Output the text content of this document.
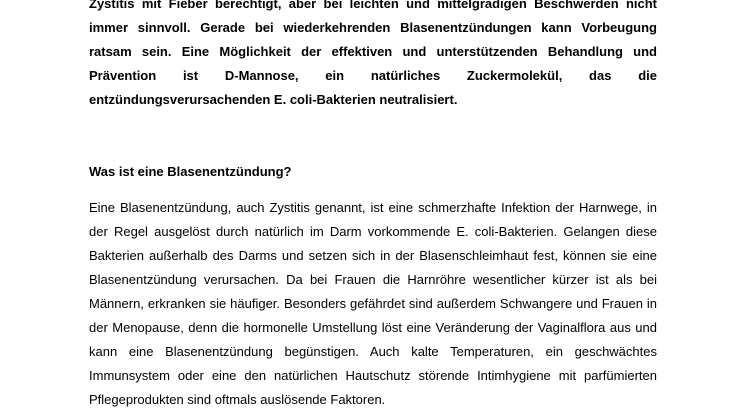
Zystitis mit Fieber berechtigt, aber bei leichten und mittelgradigen Beschwerden nicht immer sinnvoll. Gerade bei wiederkehrenden Blasenentzündungen kann Vorbeugung ratsam sein. Eine Möglichkeit der effektiven und unterstützenden Behandlung und Prävention ist D-Mannose, ein natürliches Zuckermolekül, das die entzündungsverursachenden E. coli-Bakterien neutralisiert.

Was ist eine Blasenentzündung?

Eine Blasenentzündung, auch Zystitis genannt, ist eine schmerzhafte Infektion der Harnwege, in der Regel ausgelöst durch natürlich im Darm vorkommende E. coli-Bakterien. Gelangen diese Bakterien außerhalb des Darms und setzen sich in der Blasenschleimhaut fest, können sie eine Blasenentzündung verursachen. Da bei Frauen die Harnröhre wesentlicher kürzer ist als bei Männern, erkranken sie häufiger. Besonders gefährdet sind außerdem Schwangere und Frauen in der Menopause, denn die hormonelle Umstellung löst eine Veränderung der Vaginalflora aus und kann eine Blasenentzündung begünstigen. Auch kalte Temperaturen, ein geschwächtes Immunsystem oder eine den natürlichen Hautschutz störende Intimhygiene mit parfümierten Pflegeprodukten sind oftmals auslösende Faktoren.
